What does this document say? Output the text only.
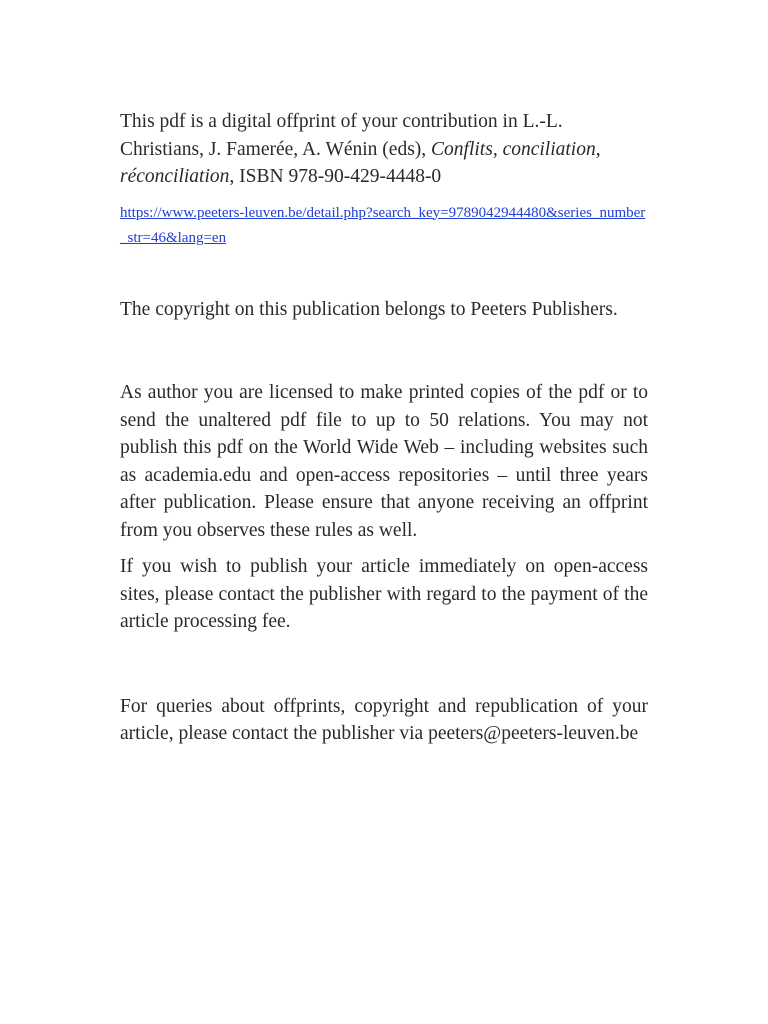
This pdf is a digital offprint of your contribution in L.-L. Christians, J. Famerée, A. Wénin (eds), Conflits, conciliation, réconciliation, ISBN 978-90-429-4448-0

https://www.peeters-leuven.be/detail.php?search_key=9789042944480&series_number_str=46&lang=en

The copyright on this publication belongs to Peeters Publishers.

As author you are licensed to make printed copies of the pdf or to send the unaltered pdf file to up to 50 relations. You may not publish this pdf on the World Wide Web – including websites such as academia.edu and open-access repositories – until three years after publication. Please ensure that anyone receiving an offprint from you observes these rules as well.

If you wish to publish your article immediately on open-access sites, please contact the publisher with regard to the payment of the article processing fee.

For queries about offprints, copyright and republication of your article, please contact the publisher via peeters@peeters-leuven.be
